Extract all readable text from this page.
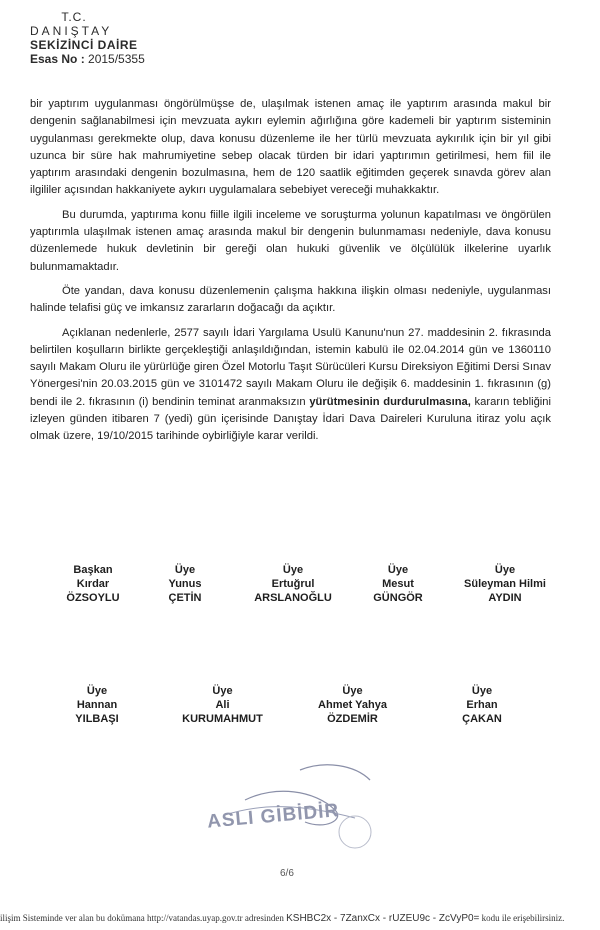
T.C.
DANIŞTAY
SEKİZİNCİ DAİRE
Esas No : 2015/5355

bir yaptırım uygulanması öngörülmüşse de, ulaşılmak istenen amaç ile yaptırım arasında makul bir dengenin sağlanabilmesi için mevzuata aykırı eylemin ağırlığına göre kademeli bir yaptırım sisteminin uygulanması gerekmekte olup, dava konusu düzenleme ile her türlü mevzuata aykırılık için bir yıl gibi uzunca bir süre hak mahrumiyetine sebep olacak türden bir idari yaptırımın getirilmesi, hem fiil ile yaptırım arasındaki dengenin bozulmasına, hem de 120 saatlik eğitimden geçerek sınavda görev alan ilgililer açısından hakkaniyete aykırı uygulamalara sebebiyet vereceği muhakkaktır.

Bu durumda, yaptırıma konu fiille ilgili inceleme ve soruşturma yolunun kapatılması ve öngörülen yaptırımla ulaşılmak istenen amaç arasında makul bir dengenin bulunmaması nedeniyle, dava konusu düzenlemede hukuk devletinin bir gereği olan hukuki güvenlik ve ölçülülük ilkelerine uyarlık bulunmamaktadır.

Öte yandan, dava konusu düzenlemenin çalışma hakkına ilişkin olması nedeniyle, uygulanması halinde telafisi güç ve imkansız zararların doğacağı da açıktır.

Açıklanan nedenlerle, 2577 sayılı İdari Yargılama Usulü Kanunu'nun 27. maddesinin 2. fıkrasında belirtilen koşulların birlikte gerçekleştiği anlaşıldığından, istemin kabulü ile 02.04.2014 gün ve 1360110 sayılı Makam Oluru ile yürürlüğe giren Özel Motorlu Taşıt Sürücüleri Kursu Direksiyon Eğitimi Dersi Sınav Yönergesi'nin 20.03.2015 gün ve 3101472 sayılı Makam Oluru ile değişik 6. maddesinin 1. fıkrasının (g) bendi ile 2. fıkrasının (i) bendinin teminat aranmaksızın yürütmesinin durdurulmasına, kararın tebliğini izleyen günden itibaren 7 (yedi) gün içerisinde Danıştay İdari Dava Daireleri Kuruluna itiraz yolu açık olmak üzere, 19/10/2015 tarihinde oybirliğiyle karar verildi.

Başkan
Kırdar
ÖZSOYLU
Üye
Yunus
ÇETİN
Üye
Ertuğrul
ARSLANOĞLU
Üye
Mesut
GÜNGÖR
Üye
Süleyman Hilmi
AYDIN
Üye
Hannan
YILBAŞI
Üye
Ali
KURUMAHMUT
Üye
Ahmet Yahya
ÖZDEMİR
Üye
Erhan
ÇAKAN
ASLI GİBİDİR
6/6
ilişim Sisteminde ver alan bu dokümana http://vatandas.uyap.gov.tr adresinden KSHBC2x - 7ZanxCx - rUZEU9c - ZcVyP0= kodu ile erişebilirsiniz.
